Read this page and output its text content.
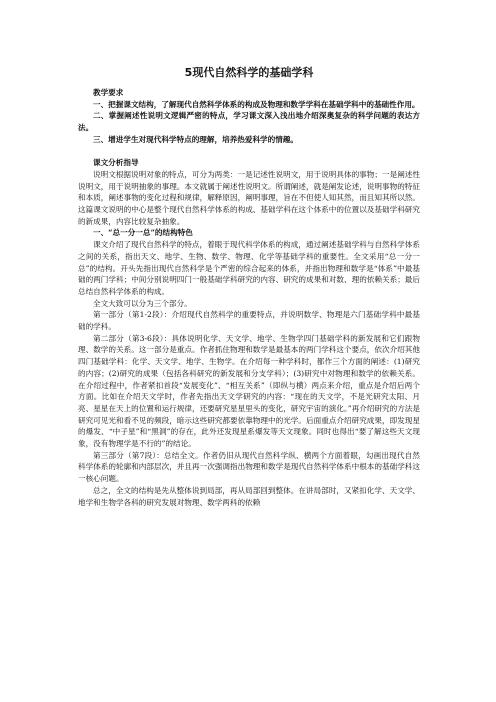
5现代自然科学的基础学科
教学要求

一、把握课文结构，了解现代自然科学体系的构成及物理和数学学科在基础学科中的基础性作用。

二、掌握阐述性说明文逻辑严密的特点，学习课文深入浅出地介绍深奥复杂的科学问题的表达方法。

三、增进学生对现代科学特点的理解，培养热爱科学的情趣。

课文分析指导

说明文根据说明对象的特点，可分为两类：一是记述性说明文，用于说明具体的事物；一是阐述性说明文，用于说明抽象的事理。本文就属于阐述性说明文。所谓阐述，就是阐发论述，说明事物的特征和本质，阐述事物的变化过程和规律，解释原因，阐明事理，旨在不但使人知其然，而且知其所以然。这篇课文说明的中心是整个现代自然科学体系的构成、基础学科在这个体系中的位置以及基础学科研究的新成果，内容比较复杂抽象。

一、“总一分一总”的结构特色

课文介绍了现代自然科学的特点，着眼于现代科学体系的构成，通过阐述基础学科与自然科学体系之间的关系，指出天文、地学、生物、数学、物理、化学等基础学科的重要性。全文采用“总一分一总”的结构。开头先指出现代自然科学是个严密的综合起来的体系，并指出物理和数学是“体系”中最基础的两门学科；中间分别说明四门一般基础学科研究的内容、研究的成果和对数、理的依赖关系；最后总结自然科学体系的构成。

全文大致可以分为三个部分。

第一部分（第1-2段）：介绍现代自然科学的重要特点，并说明数学、物理是六门基础学科中最基础的学科。

第二部分（第3-6段）：具体说明化学、天文学、地学、生物学四门基础学科的新发展和它们跟物理、数学的关系。这一部分是重点。作者抓住物理和数学是最基本的两门学科这个要点，依次介绍其他四门基础学科：化学、天文学、地学、生物学。在介绍每一种学科时，都作三个方面的阐述：(1)研究的内容；(2)研究的成果（包括各科研究的新发展和分支学科）；(3)研究中对物理和数学的依赖关系。在介绍过程中，作者紧扣首段“发展变化”、“相互关系”（即纵与横）两点来介绍，重点是介绍后两个方面。比如在介绍天文学时，作者先指出天文学研究的内容：“现在的天文学，不是光研究太阳、月亮、星星在天上的位置和运行规律，还要研究星星里头的变化，研究宇宙的演化。”再介绍研究的方法是研究可见光和看不见的频段，暗示这些研究都要依靠物理中的光学。后面重点介绍研究成果，即发现星的爆发、“中子星”和“黑洞”的存在，此外还发现星系爆发等天文现象。同时也得出“要了解这些天文现象，没有物理学是不行的”的结论。

第三部分（第7段）：总结全文。作者仍旧从现代自然科学纵、横两个方面着眼，勾画出现代自然科学体系的轮廓和内部层次，并且再一次强调指出物理和数学是现代自然科学体系中根本的基础学科这一核心问题。

总之，全文的结构是先从整体说到局部，再从局部回到整体。在讲局部时，又紧扣化学、天文学、地学和生物学各科的研究发展对物理、数学两科的依赖
